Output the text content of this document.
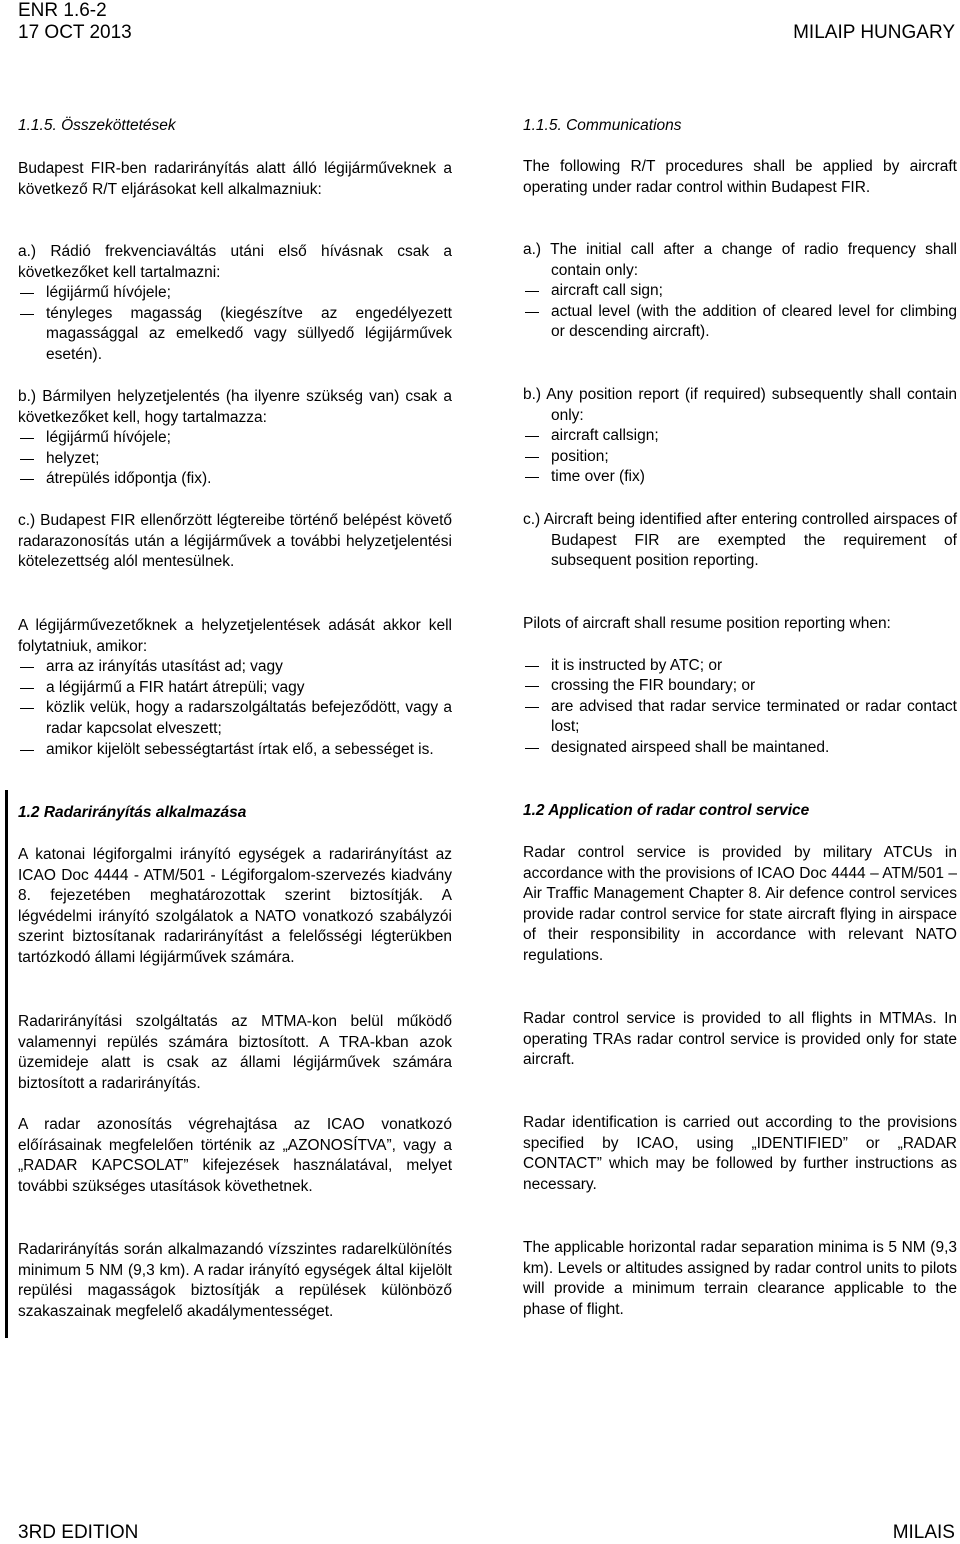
ENR 1.6-2
17 OCT 2013	MILAIP HUNGARY
1.1.5. Összeköttetések
Budapest FIR-ben radarirányítás alatt álló légijárműveknek a következő R/T eljárásokat kell alkalmazniuk:
a.) Rádió frekvenciaváltás utáni első hívásnak csak a következőket kell tartalmazni:
légijármű hívójele;
tényleges magasság (kiegészítve az engedélyezett magassággal az emelkedő vagy süllyedő légijárművek esetén).
b.) Bármilyen helyzetjelentés (ha ilyenre szükség van) csak a következőket kell, hogy tartalmazza:
légijármű hívójele;
helyzet;
átrepülés időpontja (fix).
c.) Budapest FIR ellenőrzött légtereibe történő belépést követő radarazonosítás után a légijárművek a további helyzetjelentési kötelezettség alól mentesülnek.
A légijárművezetőknek a helyzetjelentések adását akkor kell folytatniuk, amikor:
arra az irányítás utasítást ad; vagy
a légijármű a FIR határt átrepüli; vagy
közlik velük, hogy a radarszolgáltatás befejeződött, vagy a radar kapcsolat elveszett;
amikor kijelölt sebességtartást írtak elő, a sebességet is.
1.2 Radarirányítás alkalmazása
A katonai légiforgalmi irányító egységek a radarirányítást az ICAO Doc 4444 - ATM/501 - Légiforgalom-szervezés kiadvány 8. fejezetében meghatározottak szerint biztosítják. A légvédelmi irányító szolgálatok a NATO vonatkozó szabályzói szerint biztosítanak radarirányítást a felelősségi légterükben tartózkodó állami légijárművek számára.
Radarirányítási szolgáltatás az MTMA-kon belül működő valamennyi repülés számára biztosított. A TRA-kban azok üzemideje alatt is csak az állami légijárművek számára biztosított a radarirányítás.
A radar azonosítás végrehajtása az ICAO vonatkozó előírásainak megfelelően történik az „AZONOSÍTVA”, vagy a „RADAR KAPCSOLAT” kifejezések használatával, melyet további szükséges utasítások követhetnek.
Radarirányítás során alkalmazandó vízszintes radarelkülönítés minimum 5 NM (9,3 km). A radar irányító egységek által kijelölt repülési magasságok biztosítják a repülések különböző szakaszainak megfelelő akadálymentességet.
1.1.5. Communications
The following R/T procedures shall be applied by aircraft operating under radar control within Budapest FIR.
a.) The initial call after a change of radio frequency shall contain only:
aircraft call sign;
actual level (with the addition of cleared level for climbing or descending aircraft).
b.) Any position report (if required) subsequently shall contain only:
aircraft callsign;
position;
time over (fix)
c.) Aircraft being identified after entering controlled airspaces of Budapest FIR are exempted the requirement of subsequent position reporting.
Pilots of aircraft shall resume position reporting when:
it is instructed by ATC; or
crossing the FIR boundary; or
are advised that radar service terminated or radar contact lost;
designated airspeed shall be maintaned.
1.2 Application of radar control service
Radar control service is provided by military ATCUs in accordance with the provisions of ICAO Doc 4444 – ATM/501 – Air Traffic Management Chapter 8. Air defence control services provide radar control service for state aircraft flying in airspace of their responsibility in accordance with relevant NATO regulations.
Radar control service is provided to all flights in MTMAs. In operating TRAs radar control service is provided only for state aircraft.
Radar identification is carried out according to the provisions specified by ICAO, using „IDENTIFIED” or „RADAR CONTACT” which may be followed by further instructions as necessary.
The applicable horizontal radar separation minima is 5 NM (9,3 km). Levels or altitudes assigned by radar control units to pilots will provide a minimum terrain clearance applicable to the phase of flight.
3RD EDITION	MILAIS
